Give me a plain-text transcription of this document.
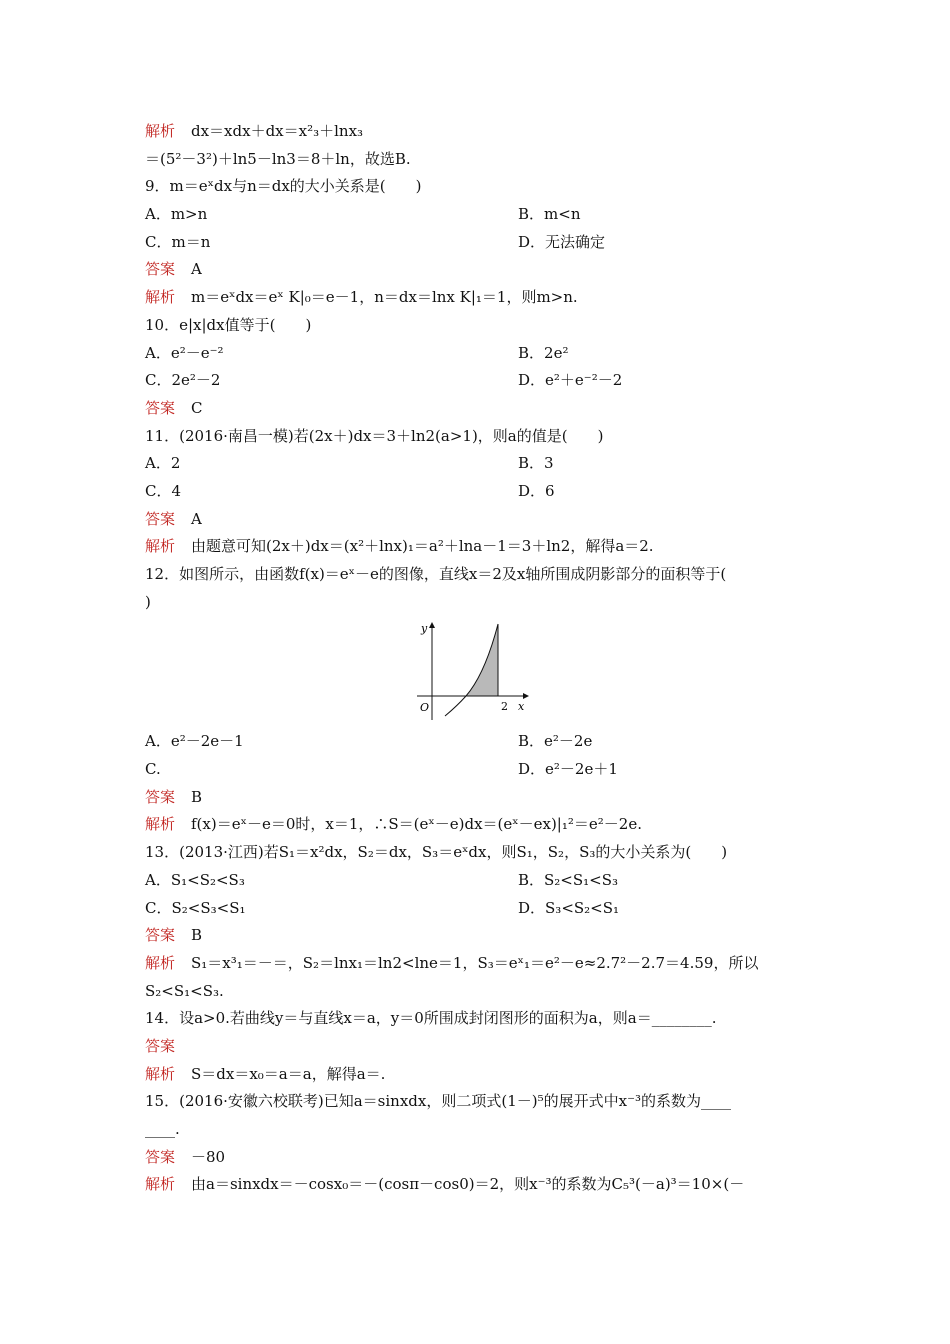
解析 dx＝xdx＋dx＝x²₃＋lnx₃
＝(5²－3²)＋ln5－ln3＝8＋ln，故选B.
9．m＝eˣdx与n＝dx的大小关系是(　　)
A．m>n	B．m<n
C．m＝n	D．无法确定
答案 A
解析 m＝eˣdx＝eˣ K|₀＝e－1，n＝dx＝lnx K|₁＝1，则m>n.
10．e|x|dx值等于(　　)
A．e²－e⁻²	B．2e²
C．2e²－2	D．e²＋e⁻²－2
答案 C
11．(2016·南昌一模)若(2x＋)dx＝3＋ln2(a>1)，则a的值是(　　)
A．2	B．3
C．4	D．6
答案 A
解析 由题意可知(2x＋)dx＝(x²＋lnx)₁＝a²＋lna－1＝3＋ln2，解得a＝2.
12．如图所示，由函数f(x)＝eˣ－e的图像，直线x＝2及x轴所围成阴影部分的面积等于(
)
y
x
O	2
A．e²－2e－1	B．e²－2e
C.	D．e²－2e＋1
答案 B
解析 f(x)＝eˣ－e＝0时，x＝1，∴S＝(eˣ－e)dx＝(eˣ－ex)|₁²＝e²－2e.
13．(2013·江西)若S₁＝x²dx，S₂＝dx，S₃＝eˣdx，则S₁，S₂，S₃的大小关系为(　　)
A．S₁<S₂<S₃	B．S₂<S₁<S₃
C．S₂<S₃<S₁	D．S₃<S₂<S₁
答案 B
解析 S₁＝x³₁＝－＝，S₂＝lnx₁＝ln2<lne＝1，S₃＝eˣ₁＝e²－e≈2.7²－2.7＝4.59，所以
S₂<S₁<S₃.
14．设a>0.若曲线y＝与直线x＝a，y＝0所围成封闭图形的面积为a，则a＝________.
答案
解析 S＝dx＝x₀＝a＝a，解得a＝.
15．(2016·安徽六校联考)已知a＝sinxdx，则二项式(1－)⁵的展开式中x⁻³的系数为____
____.
答案 －80
解析 由a＝sinxdx＝－cosx₀＝－(cosπ－cos0)＝2，则x⁻³的系数为C₅³(－a)³＝10×(－
